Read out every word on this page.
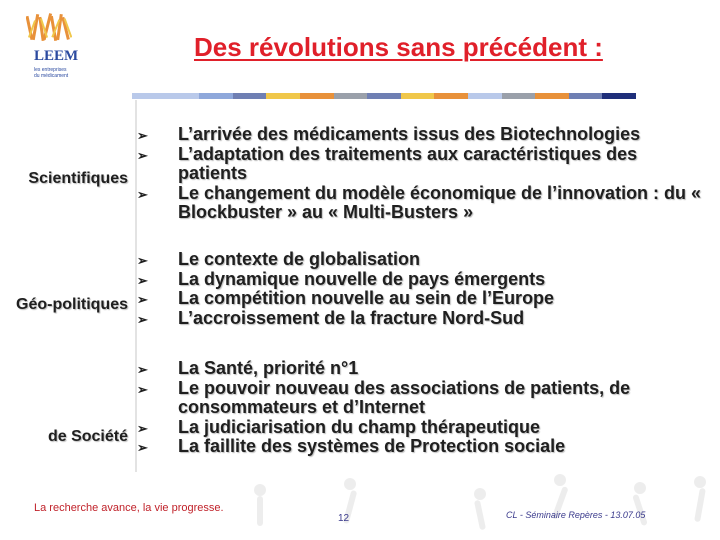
LEEM
les entreprises
du médicament
Des révolutions sans précédent :
Scientifiques
Géo-politiques
de Société
➢ L’arrivée des médicaments issus des Biotechnologies
➢ L’adaptation des traitements aux caractéristiques des patients
➢ Le changement du modèle économique de l’innovation : du « Blockbuster » au « Multi-Busters »
➢ Le contexte de globalisation
➢ La dynamique nouvelle de pays émergents
➢ La compétition nouvelle au sein de l’Europe
➢ L’accroissement de la fracture Nord-Sud
➢ La Santé, priorité n°1
➢ Le pouvoir nouveau des associations de patients, de consommateurs et d’Internet
➢ La judiciarisation du champ thérapeutique
➢ La faillite des systèmes de Protection sociale
La recherche avance, la vie progresse.
12	CL - Séminaire Repères - 13.07.05
